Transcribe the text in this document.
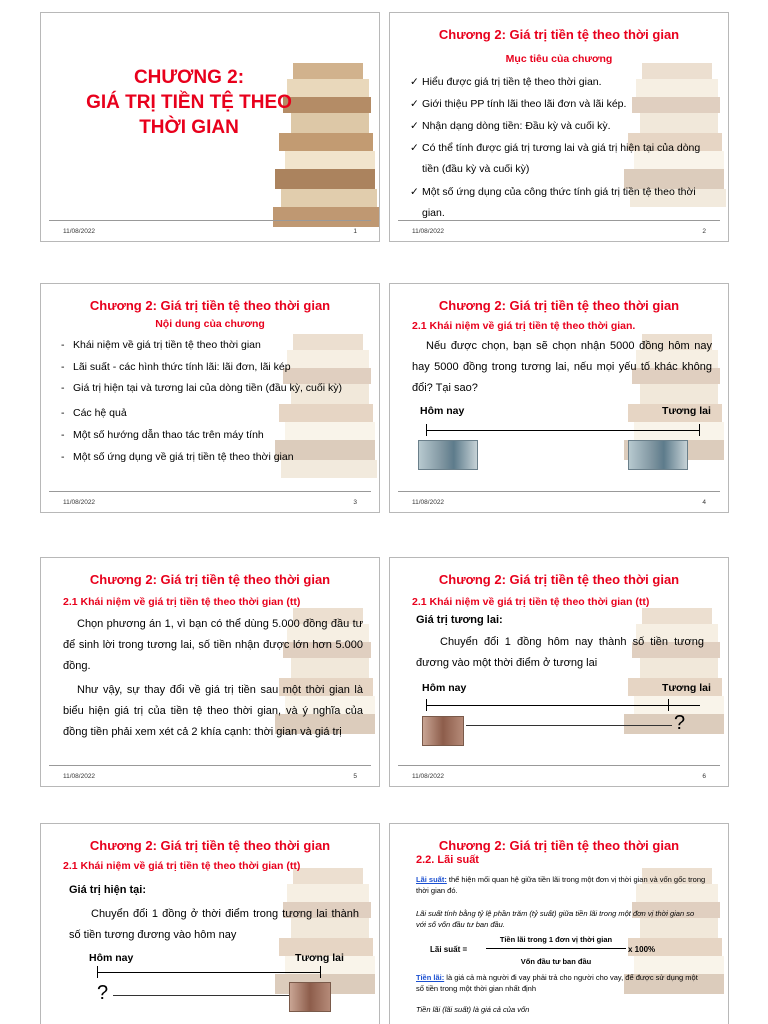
CHƯƠNG 2:
GIÁ TRỊ TIỀN TỆ THEO
THỜI GIAN
11/08/2022	1
Chương 2: Giá trị tiền tệ theo thời gian
Mục tiêu của chương
✓ Hiểu được giá trị tiền tệ theo thời gian.
✓ Giới thiệu PP tính lãi theo lãi đơn và lãi kép.
✓ Nhận dạng dòng tiền: Đầu kỳ và cuối kỳ.
✓ Có thể tính được giá trị tương lai và giá trị hiện tại của dòng tiền (đầu kỳ và cuối kỳ)
✓ Một số ứng dụng của công thức tính giá trị tiền tệ theo thời gian.
11/08/2022	2
Chương 2: Giá trị tiền tệ theo thời gian
Nội dung của chương
- Khái niệm về giá trị tiền tệ theo thời gian
- Lãi suất - các hình thức tính lãi: lãi đơn, lãi kép
- Giá trị hiện tại và tương lai của dòng tiền (đầu kỳ, cuối kỳ)
- Các hệ quả
- Một số hướng dẫn thao tác trên máy tính
- Một số ứng dụng về giá trị tiền tệ theo thời gian
11/08/2022	3
Chương 2: Giá trị tiền tệ theo thời gian
2.1 Khái niệm về giá trị tiền tệ theo thời gian.
Nếu được chọn, bạn sẽ chọn nhận 5000 đồng hôm nay hay 5000 đồng trong tương lai, nếu mọi yếu tố khác không đổi? Tại sao?
Hôm nay	Tương lai
11/08/2022	4
Chương 2: Giá trị tiền tệ theo thời gian
2.1 Khái niệm về giá trị tiền tệ theo thời gian (tt)
Chọn phương án 1, vì bạn có thể dùng 5.000 đồng đầu tư để sinh lời trong tương lai, số tiền nhận được lớn hơn 5.000 đồng.
Như vậy, sự thay đổi về giá trị tiền sau một thời gian là biểu hiện giá trị của tiền tệ theo thời gian, và ý nghĩa của đồng tiền phải xem xét cả 2 khía cạnh: thời gian và giá trị
11/08/2022	5
Chương 2: Giá trị tiền tệ theo thời gian
2.1 Khái niệm về giá trị tiền tệ theo thời gian (tt)
Giá trị tương lai:
Chuyển đổi 1 đồng hôm nay thành số tiền tương đương vào một thời điểm ở tương lai
Hôm nay	Tương lai
?
11/08/2022	6
Chương 2: Giá trị tiền tệ theo thời gian
2.1 Khái niệm về giá trị tiền tệ theo thời gian (tt)
Giá trị hiện tại:
Chuyển đổi 1 đồng ở thời điểm trong tương lai thành số tiền tương đương vào hôm nay
Hôm nay	Tương lai
?
Chương 2: Giá trị tiền tệ theo thời gian
2.2. Lãi suất
Lãi suất: thể hiện mối quan hệ giữa tiền lãi trong một đơn vị thời gian và vốn gốc trong thời gian đó.
Lãi suất tính bằng tỷ lệ phần trăm (tỷ suất) giữa tiền lãi trong một đơn vị thời gian so với số vốn đầu tư ban đầu.
Lãi suất =
Tiền lãi trong 1 đơn vị thời gian
Vốn đầu tư ban đầu
x 100%
Tiền lãi: là giá cả mà người đi vay phải trả cho người cho vay, để được sử dụng một số tiền trong một thời gian nhất định
Tiền lãi (lãi suất) là giá cả của vốn
